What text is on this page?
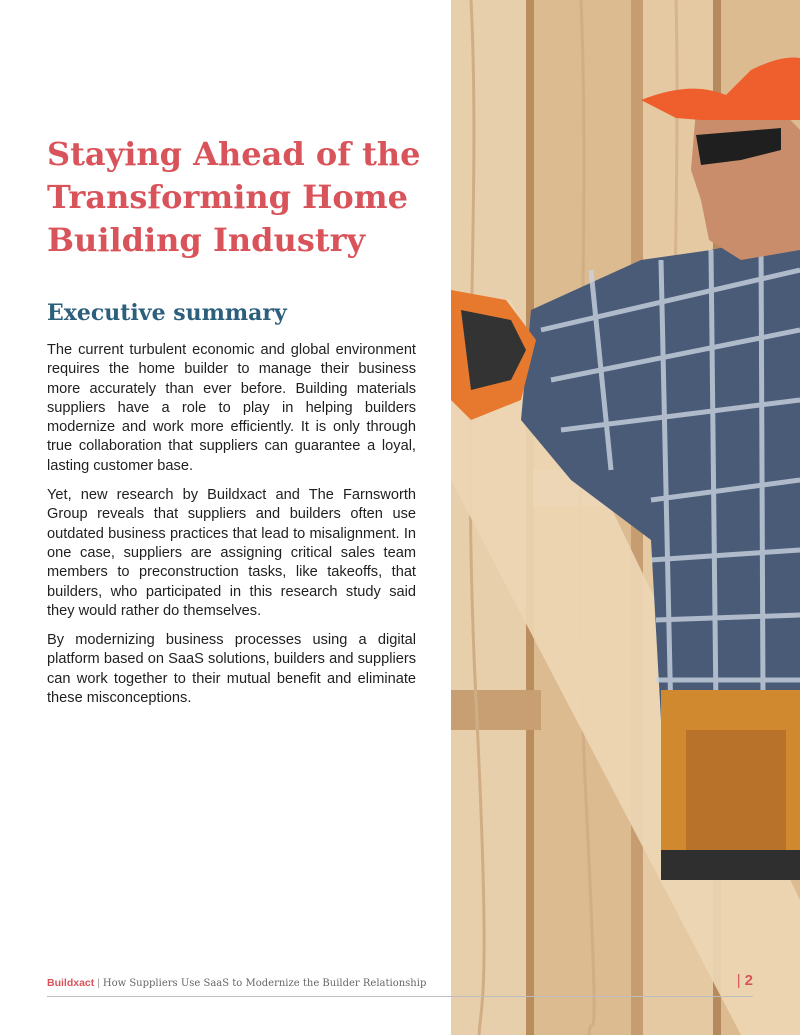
Staying Ahead of the Transforming Home Building Industry
Executive summary

The current turbulent economic and global environment requires the home builder to manage their business more accurately than ever before. Building materials suppliers have a role to play in helping builders modernize and work more efficiently. It is only through true collaboration that suppliers can guarantee a loyal, lasting customer base.

Yet, new research by Buildxact and The Farnsworth Group reveals that suppliers and builders often use outdated business practices that lead to misalignment. In one case, suppliers are assigning critical sales team members to preconstruction tasks, like takeoffs, that builders, who participated in this research study said they would rather do themselves.

By modernizing business processes using a digital platform based on SaaS solutions, builders and suppliers can work together to their mutual benefit and eliminate these misconceptions.

Buildxact | How Suppliers Use SaaS to Modernize the Builder Relationship	| 2
